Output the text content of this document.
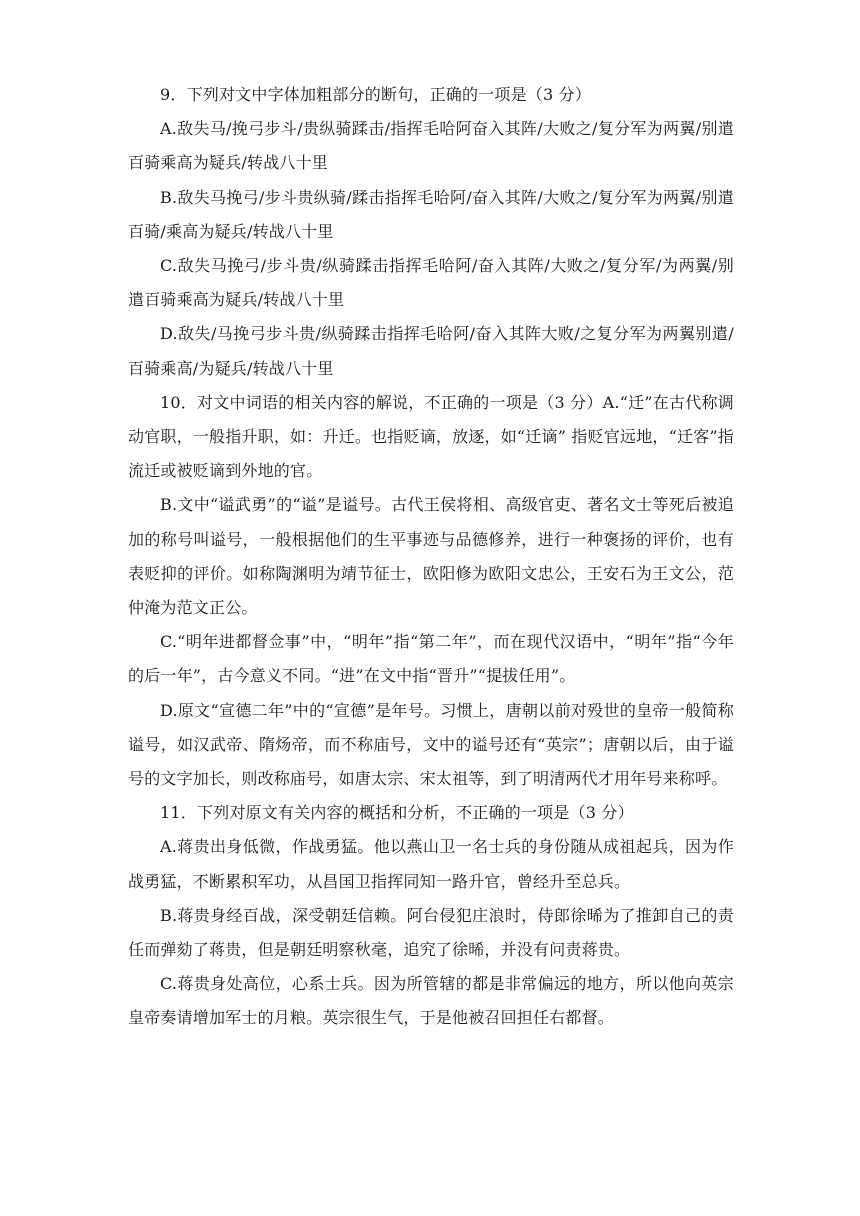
9．下列对文中字体加粗部分的断句，正确的一项是（3 分）

A.敌失马/挽弓步斗/贵纵骑蹂击/指挥毛哈阿奋入其阵/大败之/复分军为两翼/别遣百骑乘高为疑兵/转战八十里

B.敌失马挽弓/步斗贵纵骑/蹂击指挥毛哈阿/奋入其阵/大败之/复分军为两翼/别遣百骑/乘高为疑兵/转战八十里

C.敌失马挽弓/步斗贵/纵骑蹂击指挥毛哈阿/奋入其阵/大败之/复分军/为两翼/别遣百骑乘高为疑兵/转战八十里

D.敌失/马挽弓步斗贵/纵骑蹂击指挥毛哈阿/奋入其阵大败/之复分军为两翼别遣/百骑乘高/为疑兵/转战八十里

10．对文中词语的相关内容的解说，不正确的一项是（3 分）A.“迁”在古代称调动官职，一般指升职，如：升迁。也指贬谪，放逐，如“迁谪” 指贬官远地，“迁客”指流迁或被贬谪到外地的官。

B.文中“谥武勇”的“谥”是谥号。古代王侯将相、高级官吏、著名文士等死后被追加的称号叫谥号，一般根据他们的生平事迹与品德修养，进行一种褒扬的评价，也有表贬抑的评价。如称陶渊明为靖节征士，欧阳修为欧阳文忠公，王安石为王文公，范仲淹为范文正公。

C.“明年进都督佥事”中，“明年”指“第二年”，而在现代汉语中，“明年”指“今年的后一年”，古今意义不同。“进”在文中指“晋升”“提拔任用”。

D.原文“宣德二年”中的“宣德”是年号。习惯上，唐朝以前对殁世的皇帝一般简称谥号，如汉武帝、隋炀帝，而不称庙号，文中的谥号还有“英宗”；唐朝以后，由于谥号的文字加长，则改称庙号，如唐太宗、宋太祖等，到了明清两代才用年号来称呼。

11．下列对原文有关内容的概括和分析，不正确的一项是（3 分）

A.蒋贵出身低微，作战勇猛。他以燕山卫一名士兵的身份随从成祖起兵，因为作战勇猛，不断累积军功，从昌国卫指挥同知一路升官，曾经升至总兵。

B.蒋贵身经百战，深受朝廷信赖。阿台侵犯庄浪时，侍郎徐晞为了推卸自己的责任而弹劾了蒋贵，但是朝廷明察秋毫，追究了徐晞，并没有问责蒋贵。

C.蒋贵身处高位，心系士兵。因为所管辖的都是非常偏远的地方，所以他向英宗皇帝奏请增加军士的月粮。英宗很生气，于是他被召回担任右都督。
